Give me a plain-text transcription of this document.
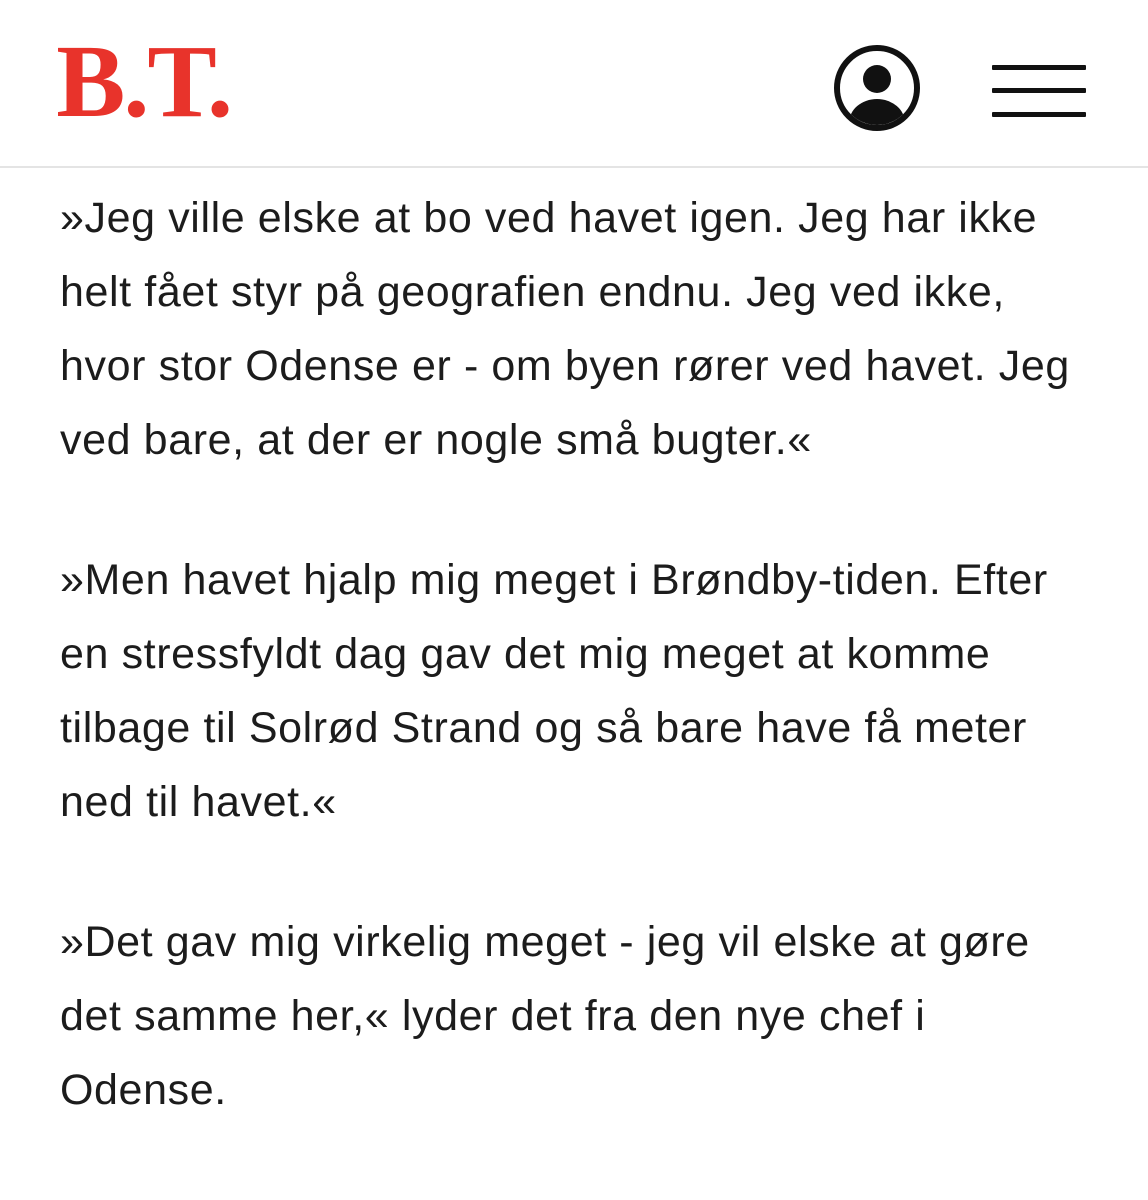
B.T.

»Jeg ville elske at bo ved havet igen. Jeg har ikke helt fået styr på geografien endnu. Jeg ved ikke, hvor stor Odense er - om byen rører ved havet. Jeg ved bare, at der er nogle små bugter.«

»Men havet hjalp mig meget i Brøndby-tiden. Efter en stressfyldt dag gav det mig meget at komme tilbage til Solrød Strand og så bare have få meter ned til havet.«

»Det gav mig virkelig meget - jeg vil elske at gøre det samme her,« lyder det fra den nye chef i Odense.
